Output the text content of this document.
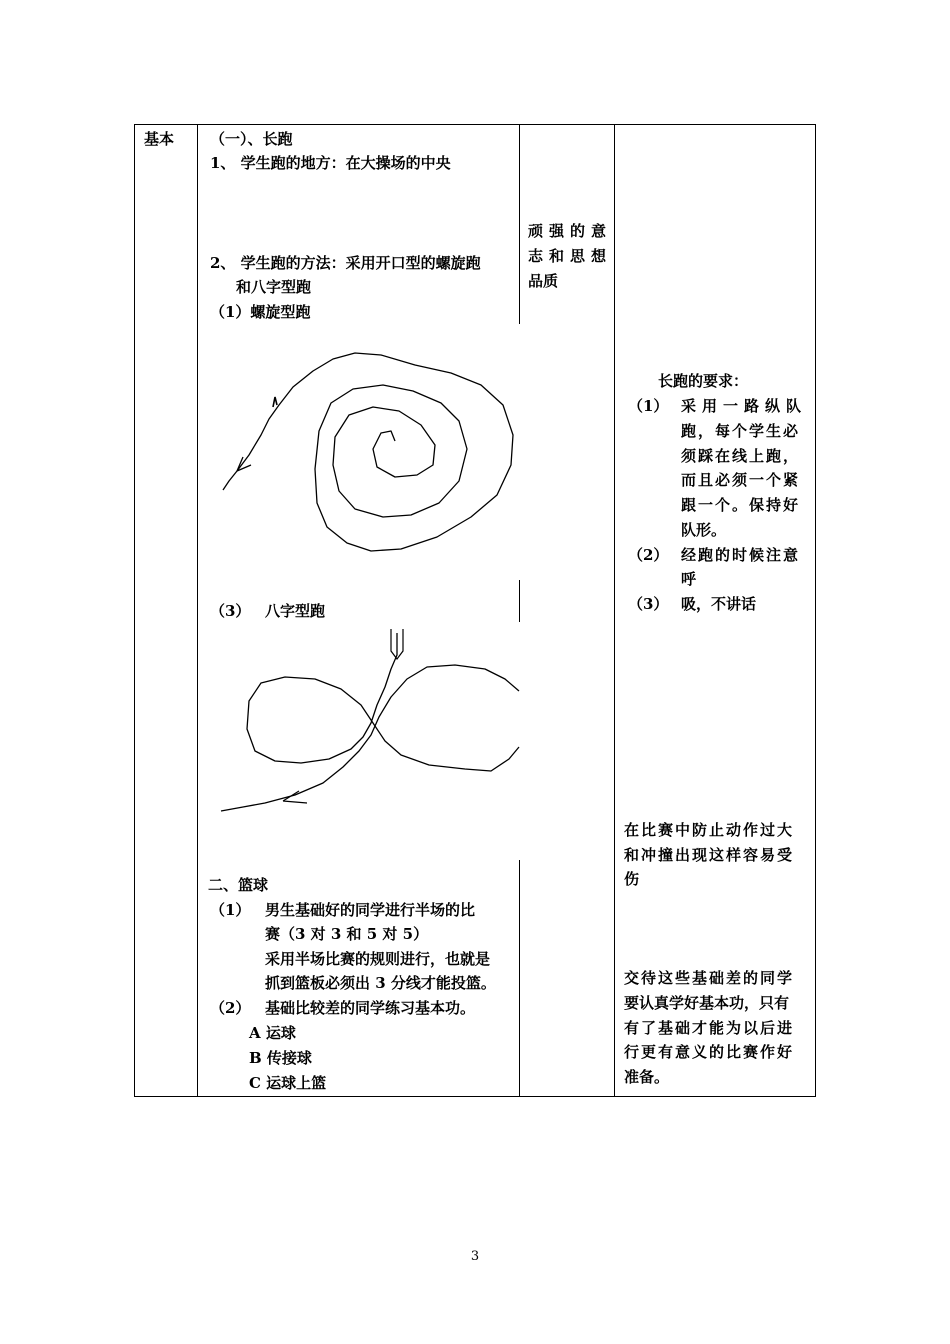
基本 （一）、长跑
1、 学生跑的地方：在大操场的中央
2、 学生跑的方法：采用开口型的螺旋跑
和八字型跑
（1）螺旋型跑
（3） 八字型跑
二、篮球
（1） 男生基础好的同学进行半场的比
赛（3 对 3 和 5 对 5）
采用半场比赛的规则进行，也就是
抓到篮板必须出 3 分线才能投篮。
（2） 基础比较差的同学练习基本功。
A 运球
B 传接球
C 运球上篮
顽强的意
志和思想
品质
长跑的要求：
（1） 采用一路纵队
跑，每个学生必
须踩在线上跑，
而且必须一个紧
跟一个。保持好
队形。
（2） 经跑的时候注意
呼
（3） 吸，不讲话
在比赛中防止动作过大
和冲撞出现这样容易受
伤
交待这些基础差的同学
要认真学好基本功，只有
有了基础才能为以后进
行更有意义的比赛作好
准备。
3
